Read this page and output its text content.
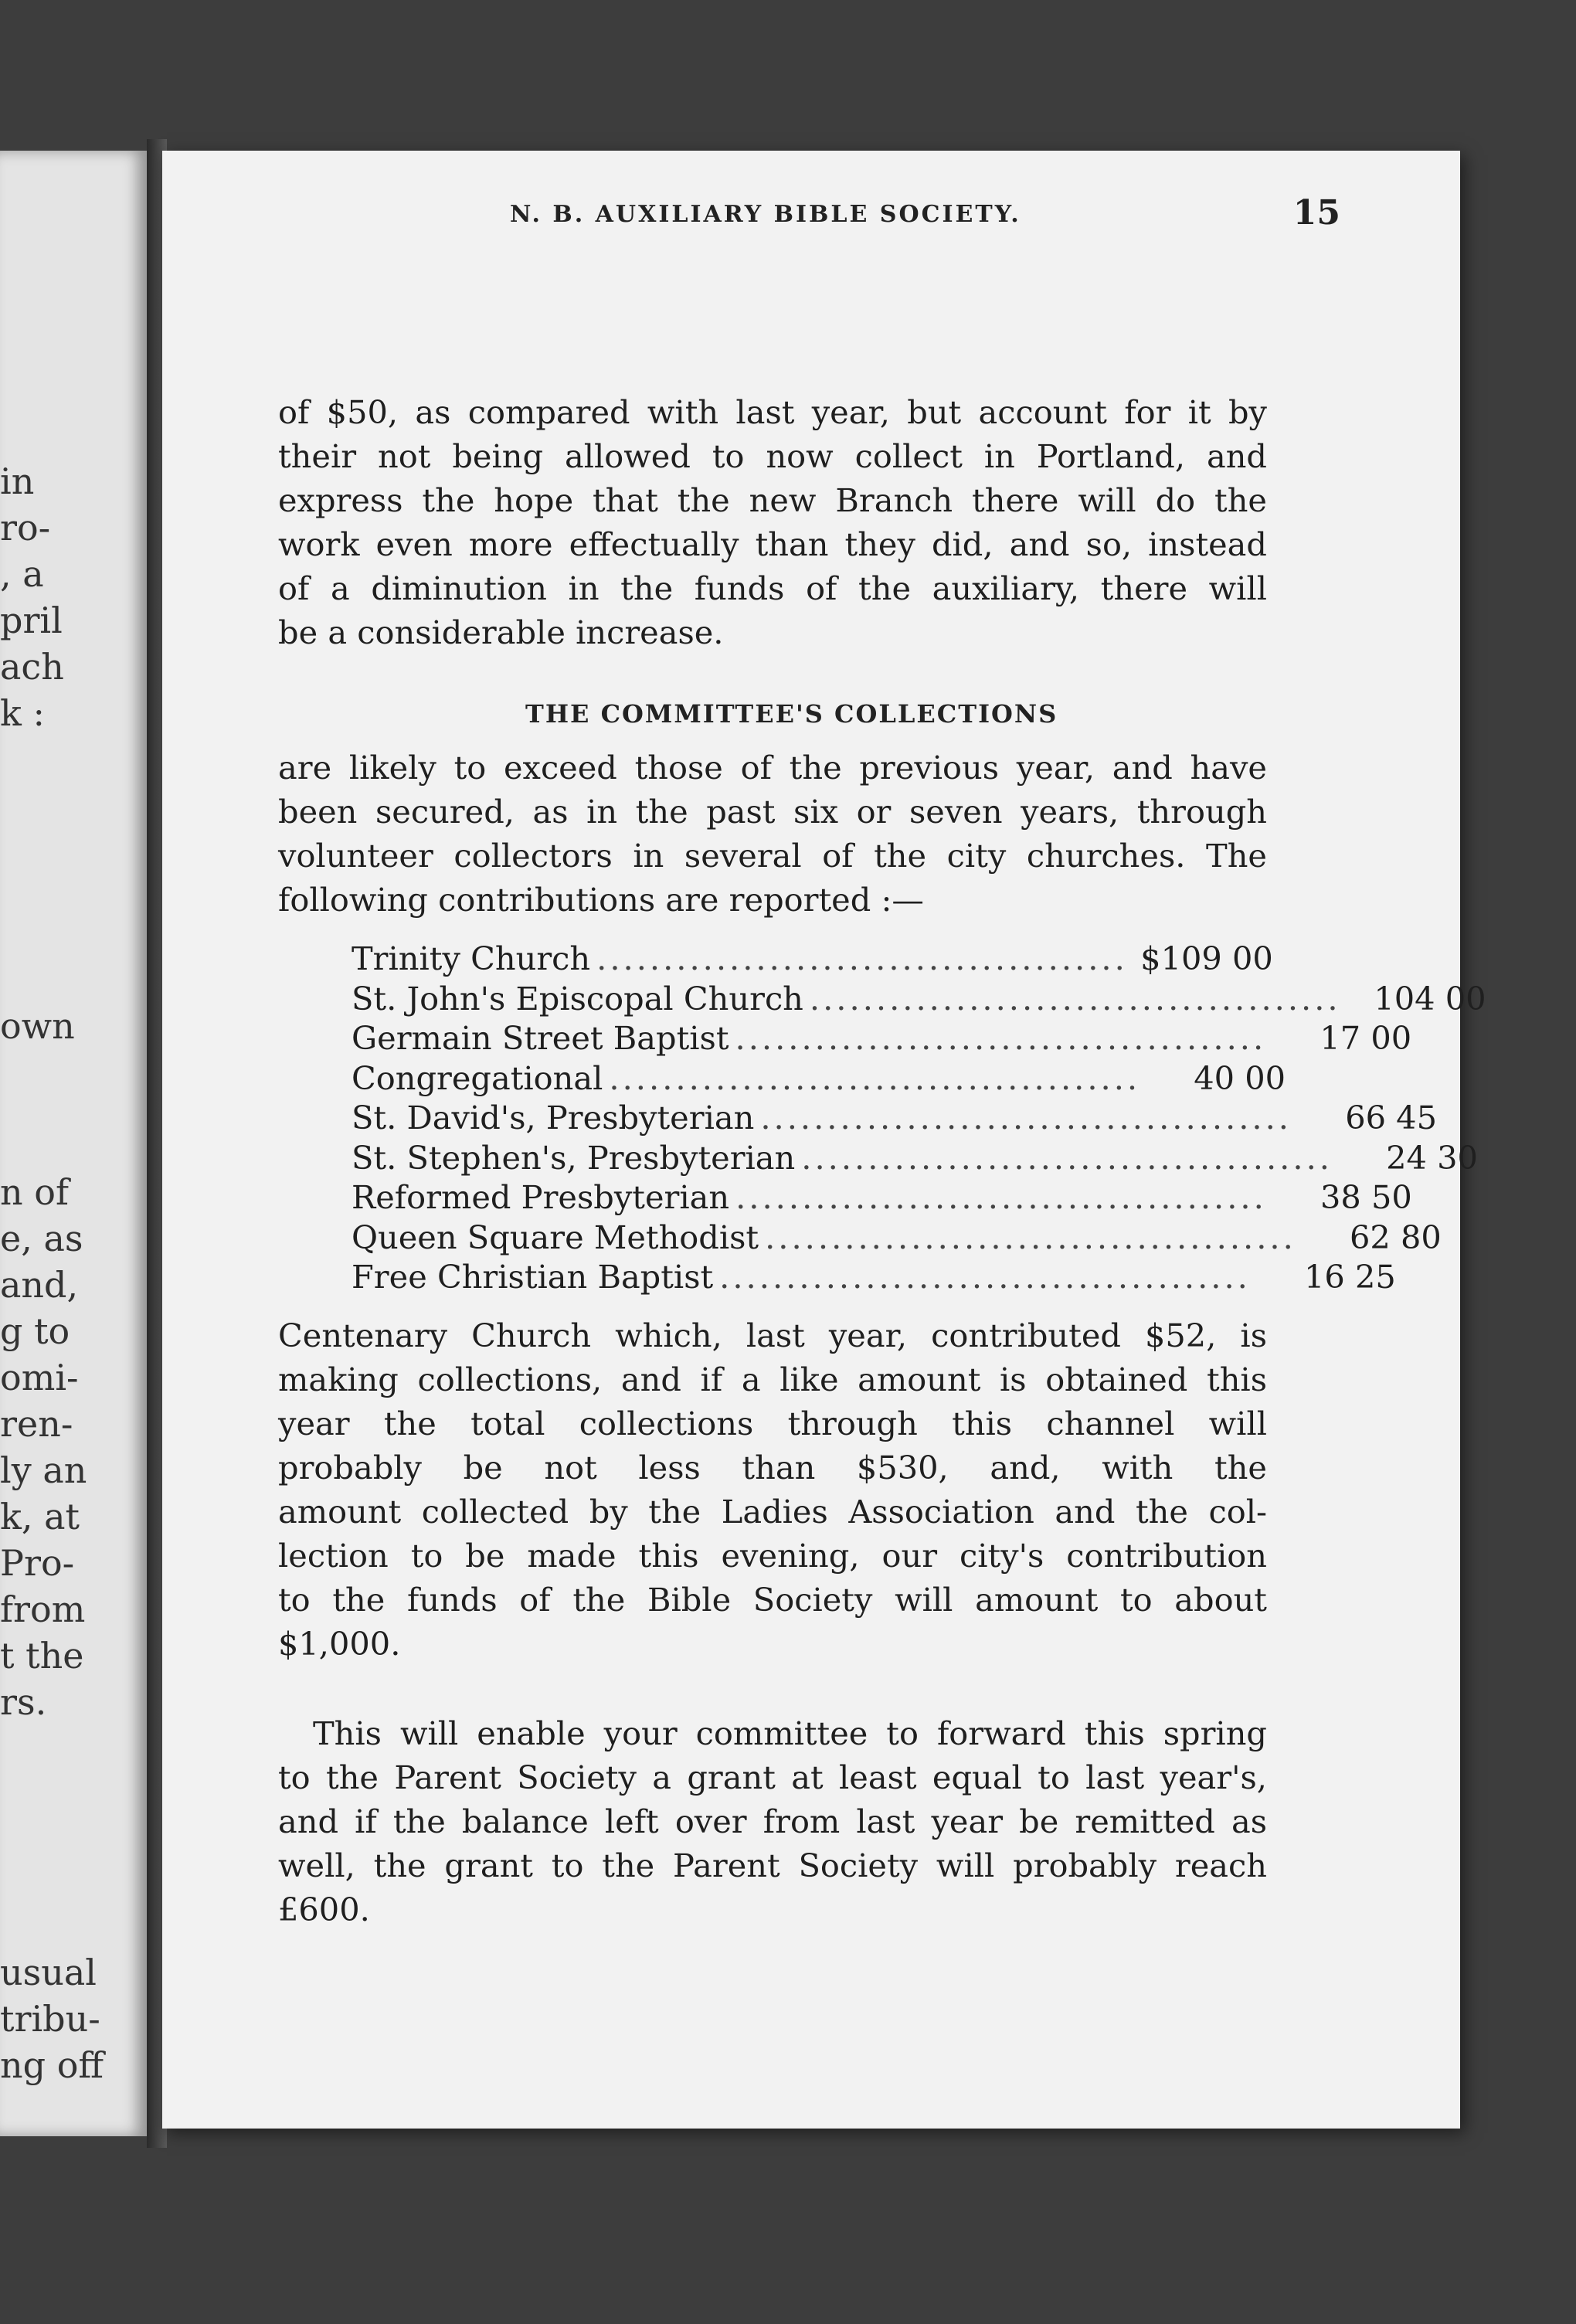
in
ro-
, a
pril
ach
k :
own
n of
e, as
and,
g to
omi-
ren-
ly an
k, at
Pro-
from
t the
rs.
usual
tribu-
ng off
N. B. AUXILIARY BIBLE SOCIETY.	15
of $50, as compared with last year, but account for it by
their not being allowed to now collect in Portland, and
express the hope that the new Branch there will do the
work even more effectually than they did, and so, instead
of a diminution in the funds of the auxiliary, there will
be a considerable increase.
THE COMMITTEE'S COLLECTIONS
are likely to exceed those of the previous year, and have
been secured, as in the past six or seven years, through
volunteer collectors in several of the city churches. The
following contributions are reported :—
Trinity Church ........................................ $109 00
St. John's Episcopal Church ........................................	104 00
Germain Street Baptist ........................................	17 00
Congregational ........................................	40 00
St. David's, Presbyterian ........................................	66 45
St. Stephen's, Presbyterian ........................................	24 30
Reformed Presbyterian ........................................	38 50
Queen Square Methodist ........................................	62 80
Free Christian Baptist ........................................	16 25
Centenary Church which, last year, contributed $52, is
making collections, and if a like amount is obtained this
year the total collections through this channel will
probably be not less than $530, and, with the
amount collected by the Ladies Association and the col-
lection to be made this evening, our city's contribution
to the funds of the Bible Society will amount to about
$1,000.
This will enable your committee to forward this spring
to the Parent Society a grant at least equal to last year's,
and if the balance left over from last year be remitted as
well, the grant to the Parent Society will probably reach
£600.
